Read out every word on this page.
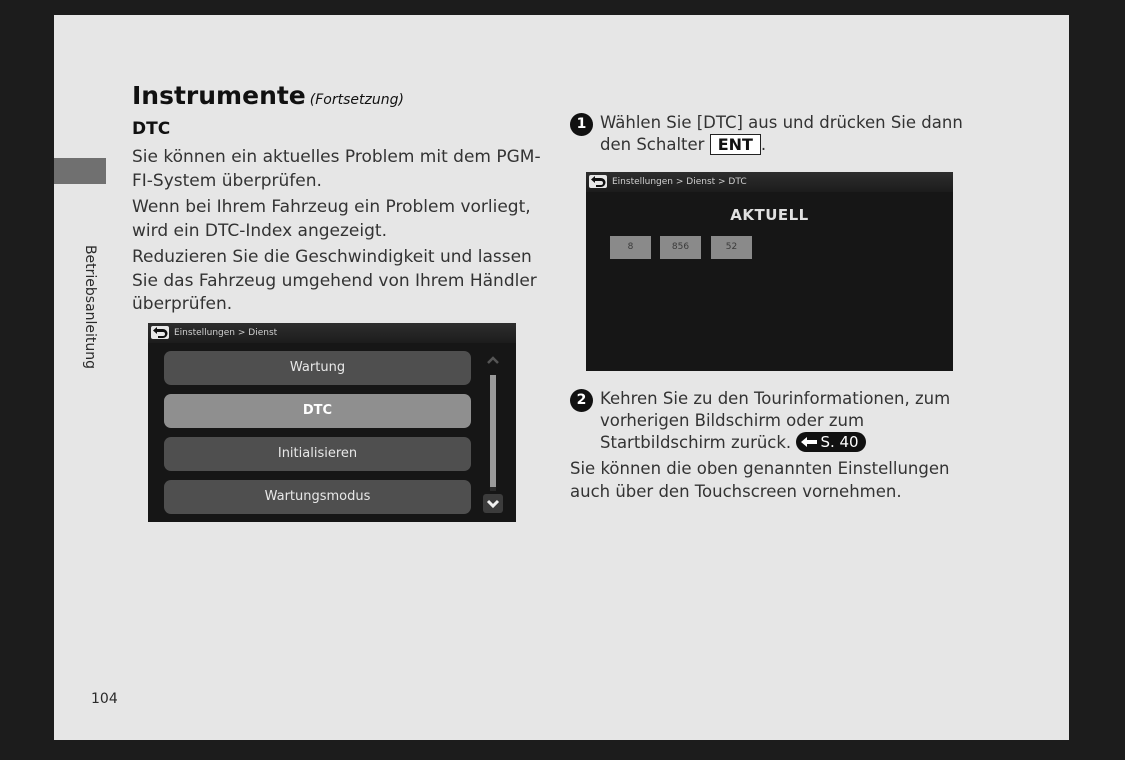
Betriebsanleitung
Instrumente (Fortsetzung)
DTC
Sie können ein aktuelles Problem mit dem PGM-FI-System überprüfen.
Wenn bei Ihrem Fahrzeug ein Problem vorliegt, wird ein DTC-Index angezeigt.
Reduzieren Sie die Geschwindigkeit und lassen Sie das Fahrzeug umgehend von Ihrem Händler überprüfen.
Einstellungen > Dienst
Wartung
DTC
Initialisieren
Wartungsmodus
1 Wählen Sie [DTC] aus und drücken Sie dann den Schalter ENT .
Einstellungen > Dienst > DTC
AKTUELL
8	856	52
2 Kehren Sie zu den Tourinformationen, zum vorherigen Bildschirm oder zum Startbildschirm zurück. S. 40
Sie können die oben genannten Einstellungen auch über den Touchscreen vornehmen.
104
